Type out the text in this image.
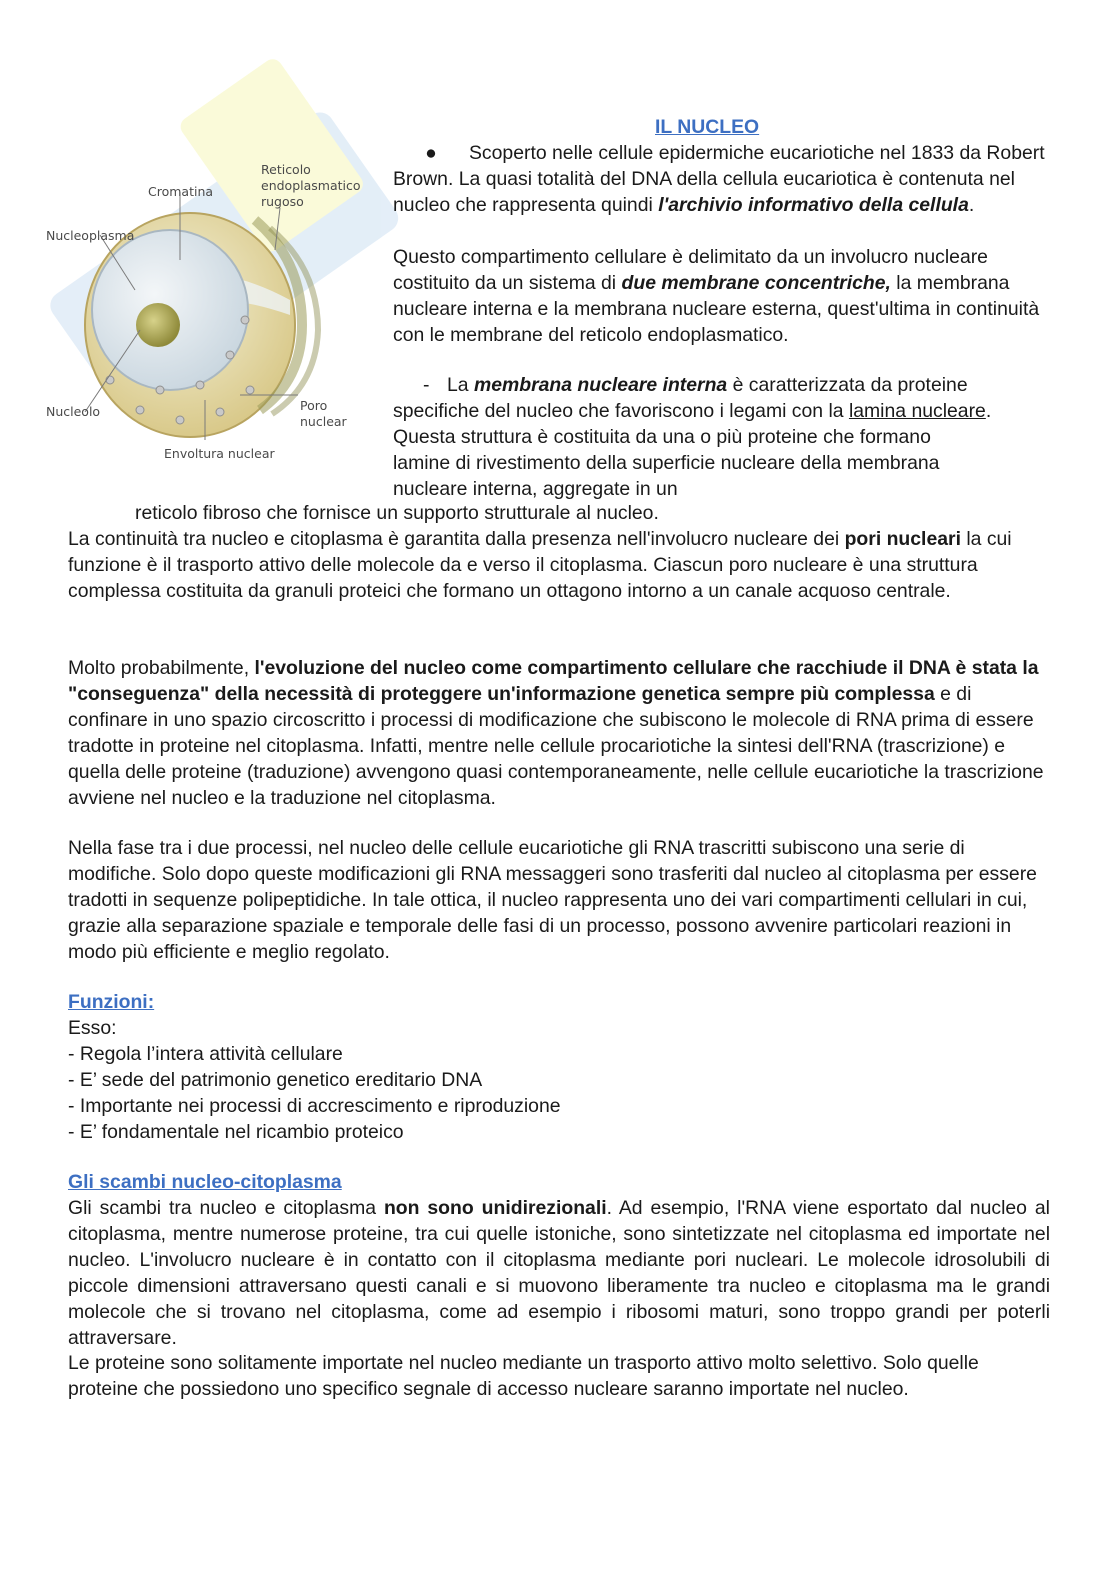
Cromatina
Reticolo endoplasmatico rugoso
Nucleoplasma
Nucleolo	Poro nuclear
Envoltura nuclear
IL NUCLEO
● Scoperto nelle cellule epidermiche eucariotiche nel 1833 da Robert Brown. La quasi totalità del DNA della cellula eucariotica è contenuta nel nucleo che rappresenta quindi l'archivio informativo della cellula.
Questo compartimento cellulare è delimitato da un involucro nucleare costituito da un sistema di due membrane concentriche, la membrana nucleare interna e la membrana nucleare esterna, quest'ultima in continuità con le membrane del reticolo endoplasmatico.
- La membrana nucleare interna è caratterizzata da proteine specifiche del nucleo che favoriscono i legami con la lamina nucleare. Questa struttura è costituita da una o più proteine che formano lamine di rivestimento della superficie nucleare della membrana nucleare interna, aggregate in un
reticolo fibroso che fornisce un supporto strutturale al nucleo.
La continuità tra nucleo e citoplasma è garantita dalla presenza nell'involucro nucleare dei pori nucleari la cui funzione è il trasporto attivo delle molecole da e verso il citoplasma. Ciascun poro nucleare è una struttura complessa costituita da granuli proteici che formano un ottagono intorno a un canale acquoso centrale.
Molto probabilmente, l'evoluzione del nucleo come compartimento cellulare che racchiude il DNA è stata la "conseguenza" della necessità di proteggere un'informazione genetica sempre più complessa e di confinare in uno spazio circoscritto i processi di modificazione che subiscono le molecole di RNA prima di essere tradotte in proteine nel citoplasma. Infatti, mentre nelle cellule procariotiche la sintesi dell'RNA (trascrizione) e quella delle proteine (traduzione) avvengono quasi contemporaneamente, nelle cellule eucariotiche la trascrizione avviene nel nucleo e la traduzione nel citoplasma.
Nella fase tra i due processi, nel nucleo delle cellule eucariotiche gli RNA trascritti subiscono una serie di modifiche. Solo dopo queste modificazioni gli RNA messaggeri sono trasferiti dal nucleo al citoplasma per essere tradotti in sequenze polipeptidiche. In tale ottica, il nucleo rappresenta uno dei vari compartimenti cellulari in cui, grazie alla separazione spaziale e temporale delle fasi di un processo, possono avvenire particolari reazioni in modo più efficiente e meglio regolato.
Funzioni:
Esso:

- Regola l’intera attività cellulare

- E’ sede del patrimonio genetico ereditario DNA

- Importante nei processi di accrescimento e riproduzione

- E’ fondamentale nel ricambio proteico

Gli scambi nucleo-citoplasma
Gli scambi tra nucleo e citoplasma non sono unidirezionali. Ad esempio, l'RNA viene esportato dal nucleo al citoplasma, mentre numerose proteine, tra cui quelle istoniche, sono sintetizzate nel citoplasma ed importate nel nucleo. L'involucro nucleare è in contatto con il citoplasma mediante pori nucleari. Le molecole idrosolubili di piccole dimensioni attraversano questi canali e si muovono liberamente tra nucleo e citoplasma ma le grandi molecole che si trovano nel citoplasma, come ad esempio i ribosomi maturi, sono troppo grandi per poterli attraversare.
Le proteine sono solitamente importate nel nucleo mediante un trasporto attivo molto selettivo. Solo quelle proteine che possiedono uno specifico segnale di accesso nucleare saranno importate nel nucleo.
